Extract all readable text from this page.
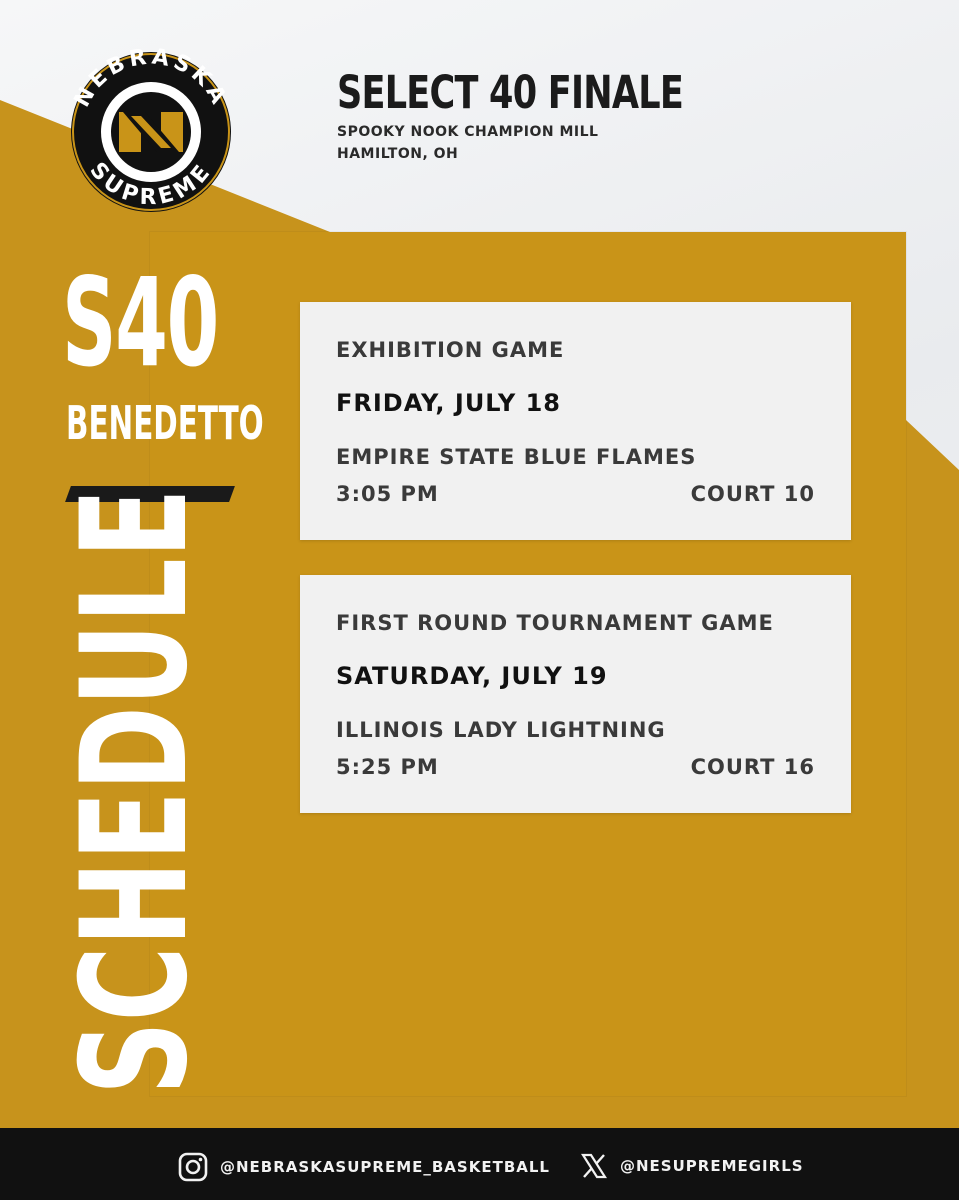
NEBRASKA
SUPREME
SELECT 40 FINALE
SPOOKY NOOK CHAMPION MILL
HAMILTON, OH
S40
BENEDETTO
SCHEDULE
EXHIBITION GAME
FRIDAY, JULY 18
EMPIRE STATE BLUE FLAMES
3:05 PM	COURT 10
FIRST ROUND TOURNAMENT GAME
SATURDAY, JULY 19
ILLINOIS LADY LIGHTNING
5:25 PM	COURT 16
@NEBRASKASUPREME_BASKETBALL	@NESUPREMEGIRLS
